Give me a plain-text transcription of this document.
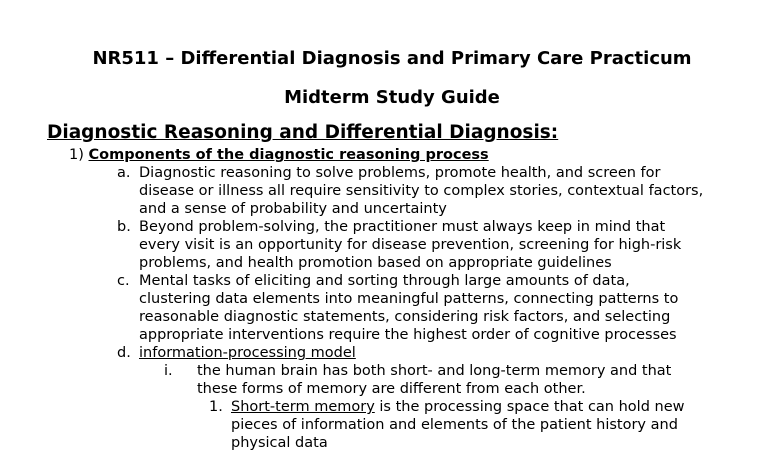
NR511 – Differential Diagnosis and Primary Care Practicum
Midterm Study Guide
Diagnostic Reasoning and Differential Diagnosis:
1) Components of the diagnostic reasoning process
a. Diagnostic reasoning to solve problems, promote health, and screen for
disease or illness all require sensitivity to complex stories, contextual factors,
and a sense of probability and uncertainty
b. Beyond problem-solving, the practitioner must always keep in mind that
every visit is an opportunity for disease prevention, screening for high-risk
problems, and health promotion based on appropriate guidelines
c. Mental tasks of eliciting and sorting through large amounts of data,
clustering data elements into meaningful patterns, connecting patterns to
reasonable diagnostic statements, considering risk factors, and selecting
appropriate interventions require the highest order of cognitive processes
d. information-processing model
i. the human brain has both short- and long-term memory and that
these forms of memory are different from each other.
1. Short-term memory is the processing space that can hold new
pieces of information and elements of the patient history and
physical data
